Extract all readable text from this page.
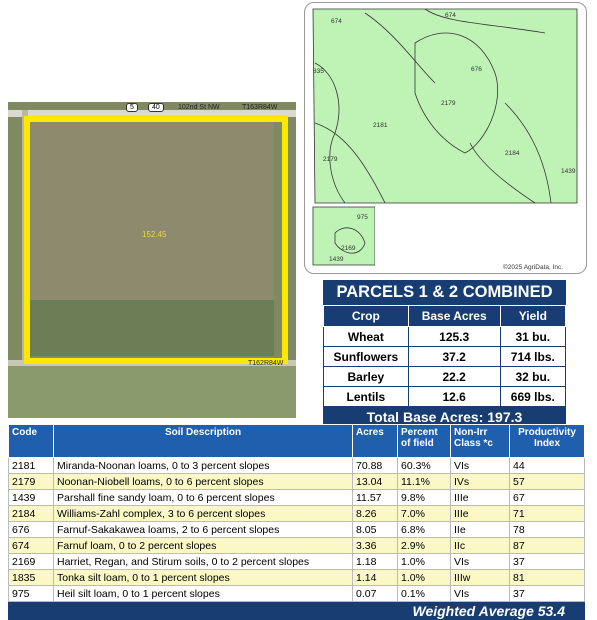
5	40	102nd St NW	T163R84W
T162R84W
152.45
674
674
676
835
2179
2181
2179
2184
1439
975
2169
1439
©2025 AgriData, Inc.
PARCELS 1 & 2 COMBINED
Crop	Base Acres	Yield
Wheat	125.3	31 bu.
Sunflowers	37.2	714 lbs.
Barley	22.2	32 bu.
Lentils	12.6	669 lbs.
Total Base Acres: 197.3
Code	Soil Description	Acres	Percent of field	Non-Irr Class *c	Productivity Index
2181	Miranda-Noonan loams, 0 to 3 percent slopes	70.88	60.3%	VIs	44
2179	Noonan-Niobell loams, 0 to 6 percent slopes	13.04	11.1%	IVs	57
1439	Parshall fine sandy loam, 0 to 6 percent slopes	11.57	9.8%	IIIe	67
2184	Williams-Zahl complex, 3 to 6 percent slopes	8.26	7.0%	IIIe	71
676	Farnuf-Sakakawea loams, 2 to 6 percent slopes	8.05	6.8%	IIe	78
674	Farnuf loam, 0 to 2 percent slopes	3.36	2.9%	IIc	87
2169	Harriet, Regan, and Stirum soils, 0 to 2 percent slopes	1.18	1.0%	VIs	37
1835	Tonka silt loam, 0 to 1 percent slopes	1.14	1.0%	IIIw	81
975	Heil silt loam, 0 to 1 percent slopes	0.07	0.1%	VIs	37
Weighted Average 53.4
